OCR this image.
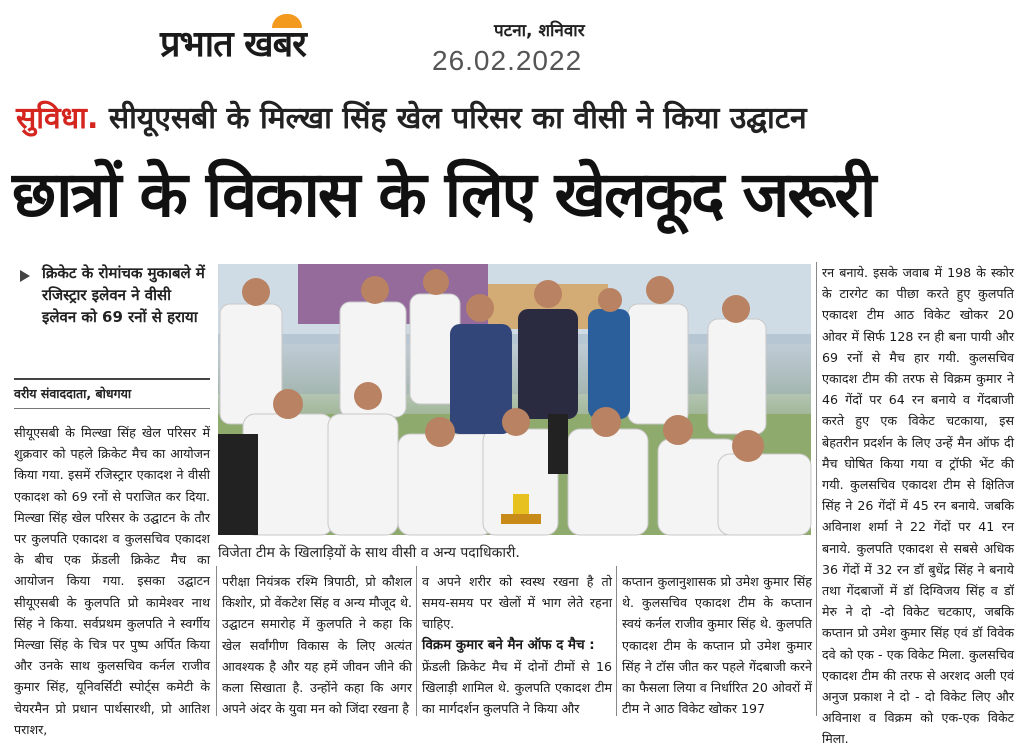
प्रभात खबर	पटना, शनिवार
26.02.2022
सुविधा. सीयूएसबी के मिल्खा सिंह खेल परिसर का वीसी ने किया उद्घाटन
छात्रों के विकास के लिए खेलकूद जरूरी
क्रिकेट के रोमांचक मुकाबले में रजिस्ट्रार इलेवन ने वीसी इलेवन को 69 रनों से हराया
वरीय संवाददाता, बोधगया

सीयूएसबी के मिल्खा सिंह खेल परिसर में शुक्रवार को पहले क्रिकेट मैच का आयोजन किया गया. इसमें रजिस्ट्रार एकादश ने वीसी एकादश को 69 रनों से पराजित कर दिया. मिल्खा सिंह खेल परिसर के उद्घाटन के तौर पर कुलपति एकादश व कुलसचिव एकादश के बीच एक फ्रेंडली क्रिकेट मैच का आयोजन किया गया. इसका उद्घाटन सीयूएसबी के कुलपति प्रो कामेश्वर नाथ सिंह ने किया. सर्वप्रथम कुलपति ने स्वर्गीय मिल्खा सिंह के चित्र पर पुष्प अर्पित किया और उनके साथ कुलसचिव कर्नल राजीव कुमार सिंह, यूनिवर्सिटी स्पोर्ट्स कमेटी के चेयरमैन प्रो प्रधान पार्थसारथी, प्रो आतिश पराशर,

विजेता टीम के खिलाड़ियों के साथ वीसी व अन्य पदाधिकारी.

परीक्षा नियंत्रक रश्मि त्रिपाठी, प्रो कौशल किशोर, प्रो वेंकटेश सिंह व अन्य मौजूद थे. उद्घाटन समारोह में कुलपति ने कहा कि खेल सर्वांगीण विकास के लिए अत्यंत आवश्यक है और यह हमें जीवन जीने की कला सिखाता है. उन्होंने कहा कि अगर अपने अंदर के युवा मन को जिंदा रखना है

व अपने शरीर को स्वस्थ रखना है तो समय-समय पर खेलों में भाग लेते रहना चाहिए.

विक्रम कुमार बने मैन ऑफ द मैच :

फ्रेंडली क्रिकेट मैच में दोनों टीमों से 16 खिलाड़ी शामिल थे. कुलपति एकादश टीम का मार्गदर्शन कुलपति ने किया और

कप्तान कुलानुशासक प्रो उमेश कुमार सिंह थे. कुलसचिव एकादश टीम के कप्तान स्वयं कर्नल राजीव कुमार सिंह थे. कुलपति एकादश टीम के कप्तान प्रो उमेश कुमार सिंह ने टॉस जीत कर पहले गेंदबाजी करने का फैसला लिया व निर्धारित 20 ओवरों में टीम ने आठ विकेट खोकर 197

रन बनाये. इसके जवाब में 198 के स्कोर के टारगेट का पीछा करते हुए कुलपति एकादश टीम आठ विकेट खोकर 20 ओवर में सिर्फ 128 रन ही बना पायी और 69 रनों से मैच हार गयी. कुलसचिव एकादश टीम की तरफ से विक्रम कुमार ने 46 गेंदों पर 64 रन बनाये व गेंदबाजी करते हुए एक विकेट चटकाया, इस बेहतरीन प्रदर्शन के लिए उन्हें मैन ऑफ दी मैच घोषित किया गया व ट्रॉफी भेंट की गयी. कुलसचिव एकादश टीम से क्षितिज सिंह ने 26 गेंदों में 45 रन बनाये. जबकि अविनाश शर्मा ने 22 गेंदों पर 41 रन बनाये. कुलपति एकादश से सबसे अधिक 36 गेंदों में 32 रन डॉ बुधेंद्र सिंह ने बनाये तथा गेंदबाजों में डॉ दिग्विजय सिंह व डॉ मेरु ने दो -दो विकेट चटकाए, जबकि कप्तान प्रो उमेश कुमार सिंह एवं डॉ विवेक दवे को एक - एक विकेट मिला. कुलसचिव एकादश टीम की तरफ से अरशद अली एवं अनुज प्रकाश ने दो - दो विकेट लिए और अविनाश व विक्रम को एक-एक विकेट मिला.
